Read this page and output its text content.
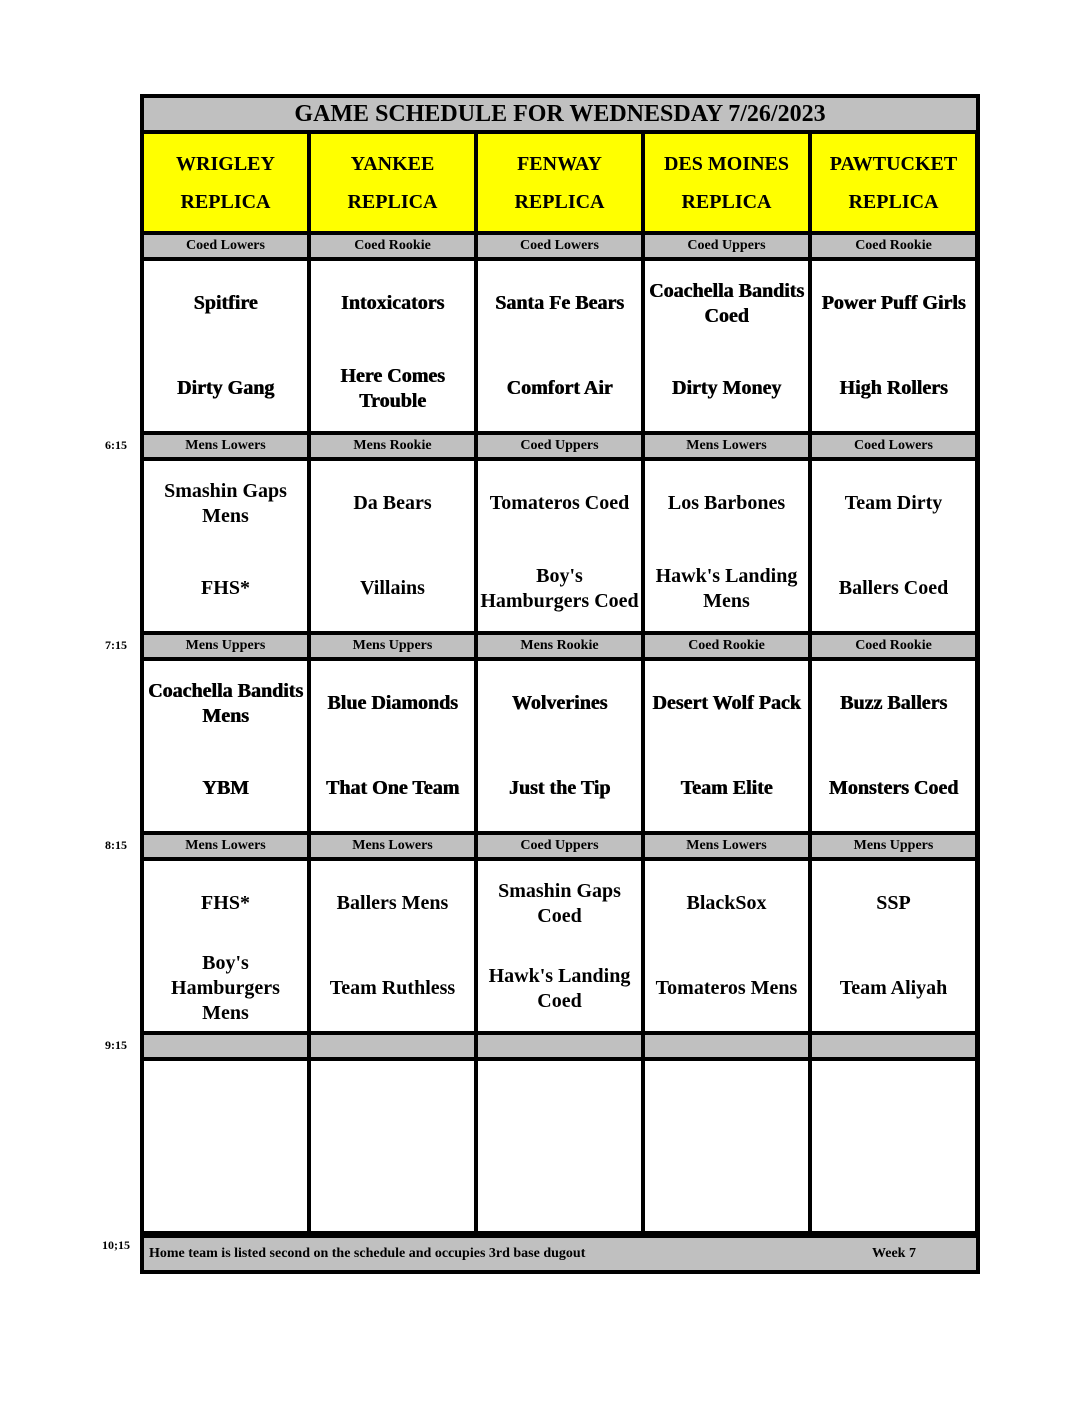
6:15
7:15
8:15
9:15
10;15
GAME SCHEDULE FOR WEDNESDAY 7/26/2023
WRIGLEY
REPLICA
YANKEE
REPLICA
FENWAY
REPLICA
DES MOINES
REPLICA
PAWTUCKET
REPLICA
Coed Lowers
Spitfire
Dirty Gang
Coed Rookie
Intoxicators
Here Comes Trouble
Coed Lowers
Santa Fe Bears
Comfort Air
Coed Uppers
Coachella Bandits Coed
Dirty Money
Coed Rookie
Power Puff Girls
High Rollers
Mens Lowers
Smashin Gaps Mens
FHS*
Mens Rookie
Da Bears
Villains
Coed Uppers
Tomateros Coed
Boy's Hamburgers Coed
Mens Lowers
Los Barbones
Hawk's Landing Mens
Coed Lowers
Team Dirty
Ballers Coed
Mens Uppers
Coachella Bandits Mens
YBM
Mens Uppers
Blue Diamonds
That One Team
Mens Rookie
Wolverines
Just the Tip
Coed Rookie
Desert Wolf Pack
Team Elite
Coed Rookie
Buzz Ballers
Monsters Coed
Mens Lowers
FHS*
Boy's Hamburgers Mens
Mens Lowers
Ballers Mens
Team Ruthless
Coed Uppers
Smashin Gaps Coed
Hawk's Landing Coed
Mens Lowers
BlackSox
Tomateros Mens
Mens Uppers
SSP
Team Aliyah
Home team is listed second on the schedule and occupies 3rd base dugout	Week 7
